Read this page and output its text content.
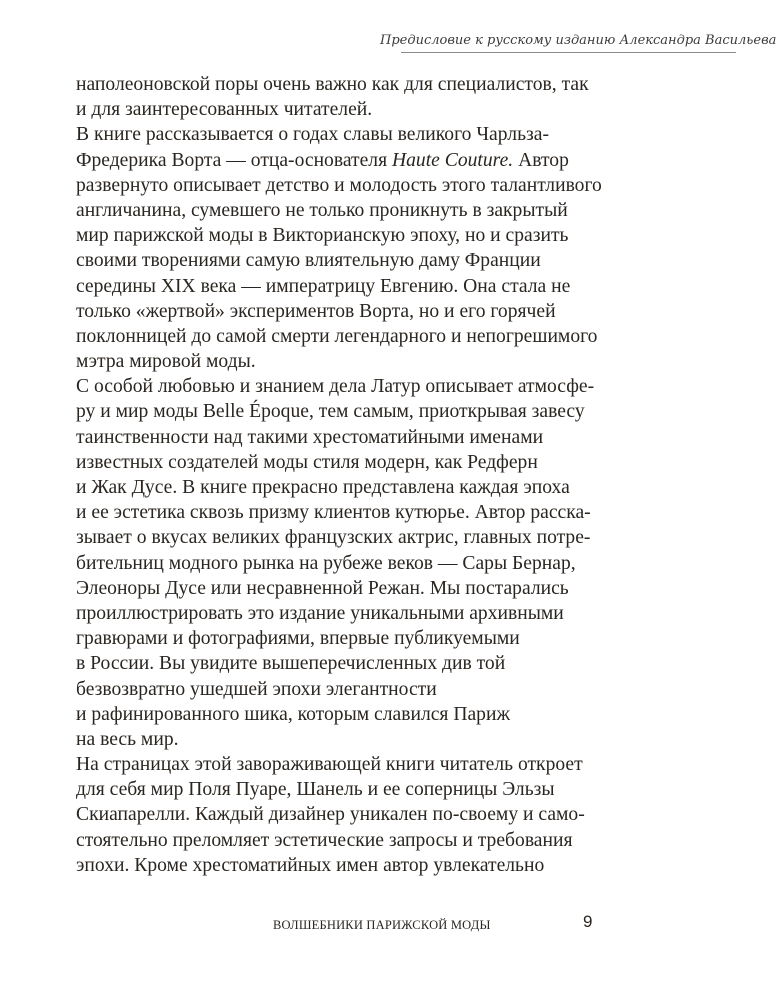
Предисловие к русскому изданию Александра Васильева
наполеоновской поры очень важно как для специалистов, так
и для заинтересованных читателей.
В книге рассказывается о годах славы великого Чарльза-
Фредерика Ворта — отца-основателя Haute Couture. Автор
развернуто описывает детство и молодость этого талантливого
англичанина, сумевшего не только проникнуть в закрытый
мир парижской моды в Викторианскую эпоху, но и сразить
своими творениями самую влиятельную даму Франции
середины XIX века — императрицу Евгению. Она стала не
только «жертвой» экспериментов Ворта, но и его горячей
поклонницей до самой смерти легендарного и непогрешимого
мэтра мировой моды.
С особой любовью и знанием дела Латур описывает атмосфе-
ру и мир моды Belle Époque, тем самым, приоткрывая завесу
таинственности над такими хрестоматийными именами
известных создателей моды стиля модерн, как Редферн
и Жак Дусе. В книге прекрасно представлена каждая эпоха
и ее эстетика сквозь призму клиентов кутюрье. Автор расска-
зывает о вкусах великих французских актрис, главных потре-
бительниц модного рынка на рубеже веков — Сары Бернар,
Элеоноры Дусе или несравненной Режан. Мы постарались
проиллюстрировать это издание уникальными архивными
гравюрами и фотографиями, впервые публикуемыми
в России. Вы увидите вышеперечисленных див той
безвозвратно ушедшей эпохи элегантности
и рафинированного шика, которым славился Париж
на весь мир.
На страницах этой завораживающей книги читатель откроет
для себя мир Поля Пуаре, Шанель и ее соперницы Эльзы
Скиапарелли. Каждый дизайнер уникален по-своему и само-
стоятельно преломляет эстетические запросы и требования
эпохи. Кроме хрестоматийных имен автор увлекательно
ВОЛШЕБНИКИ ПАРИЖСКОЙ МОДЫ	9
